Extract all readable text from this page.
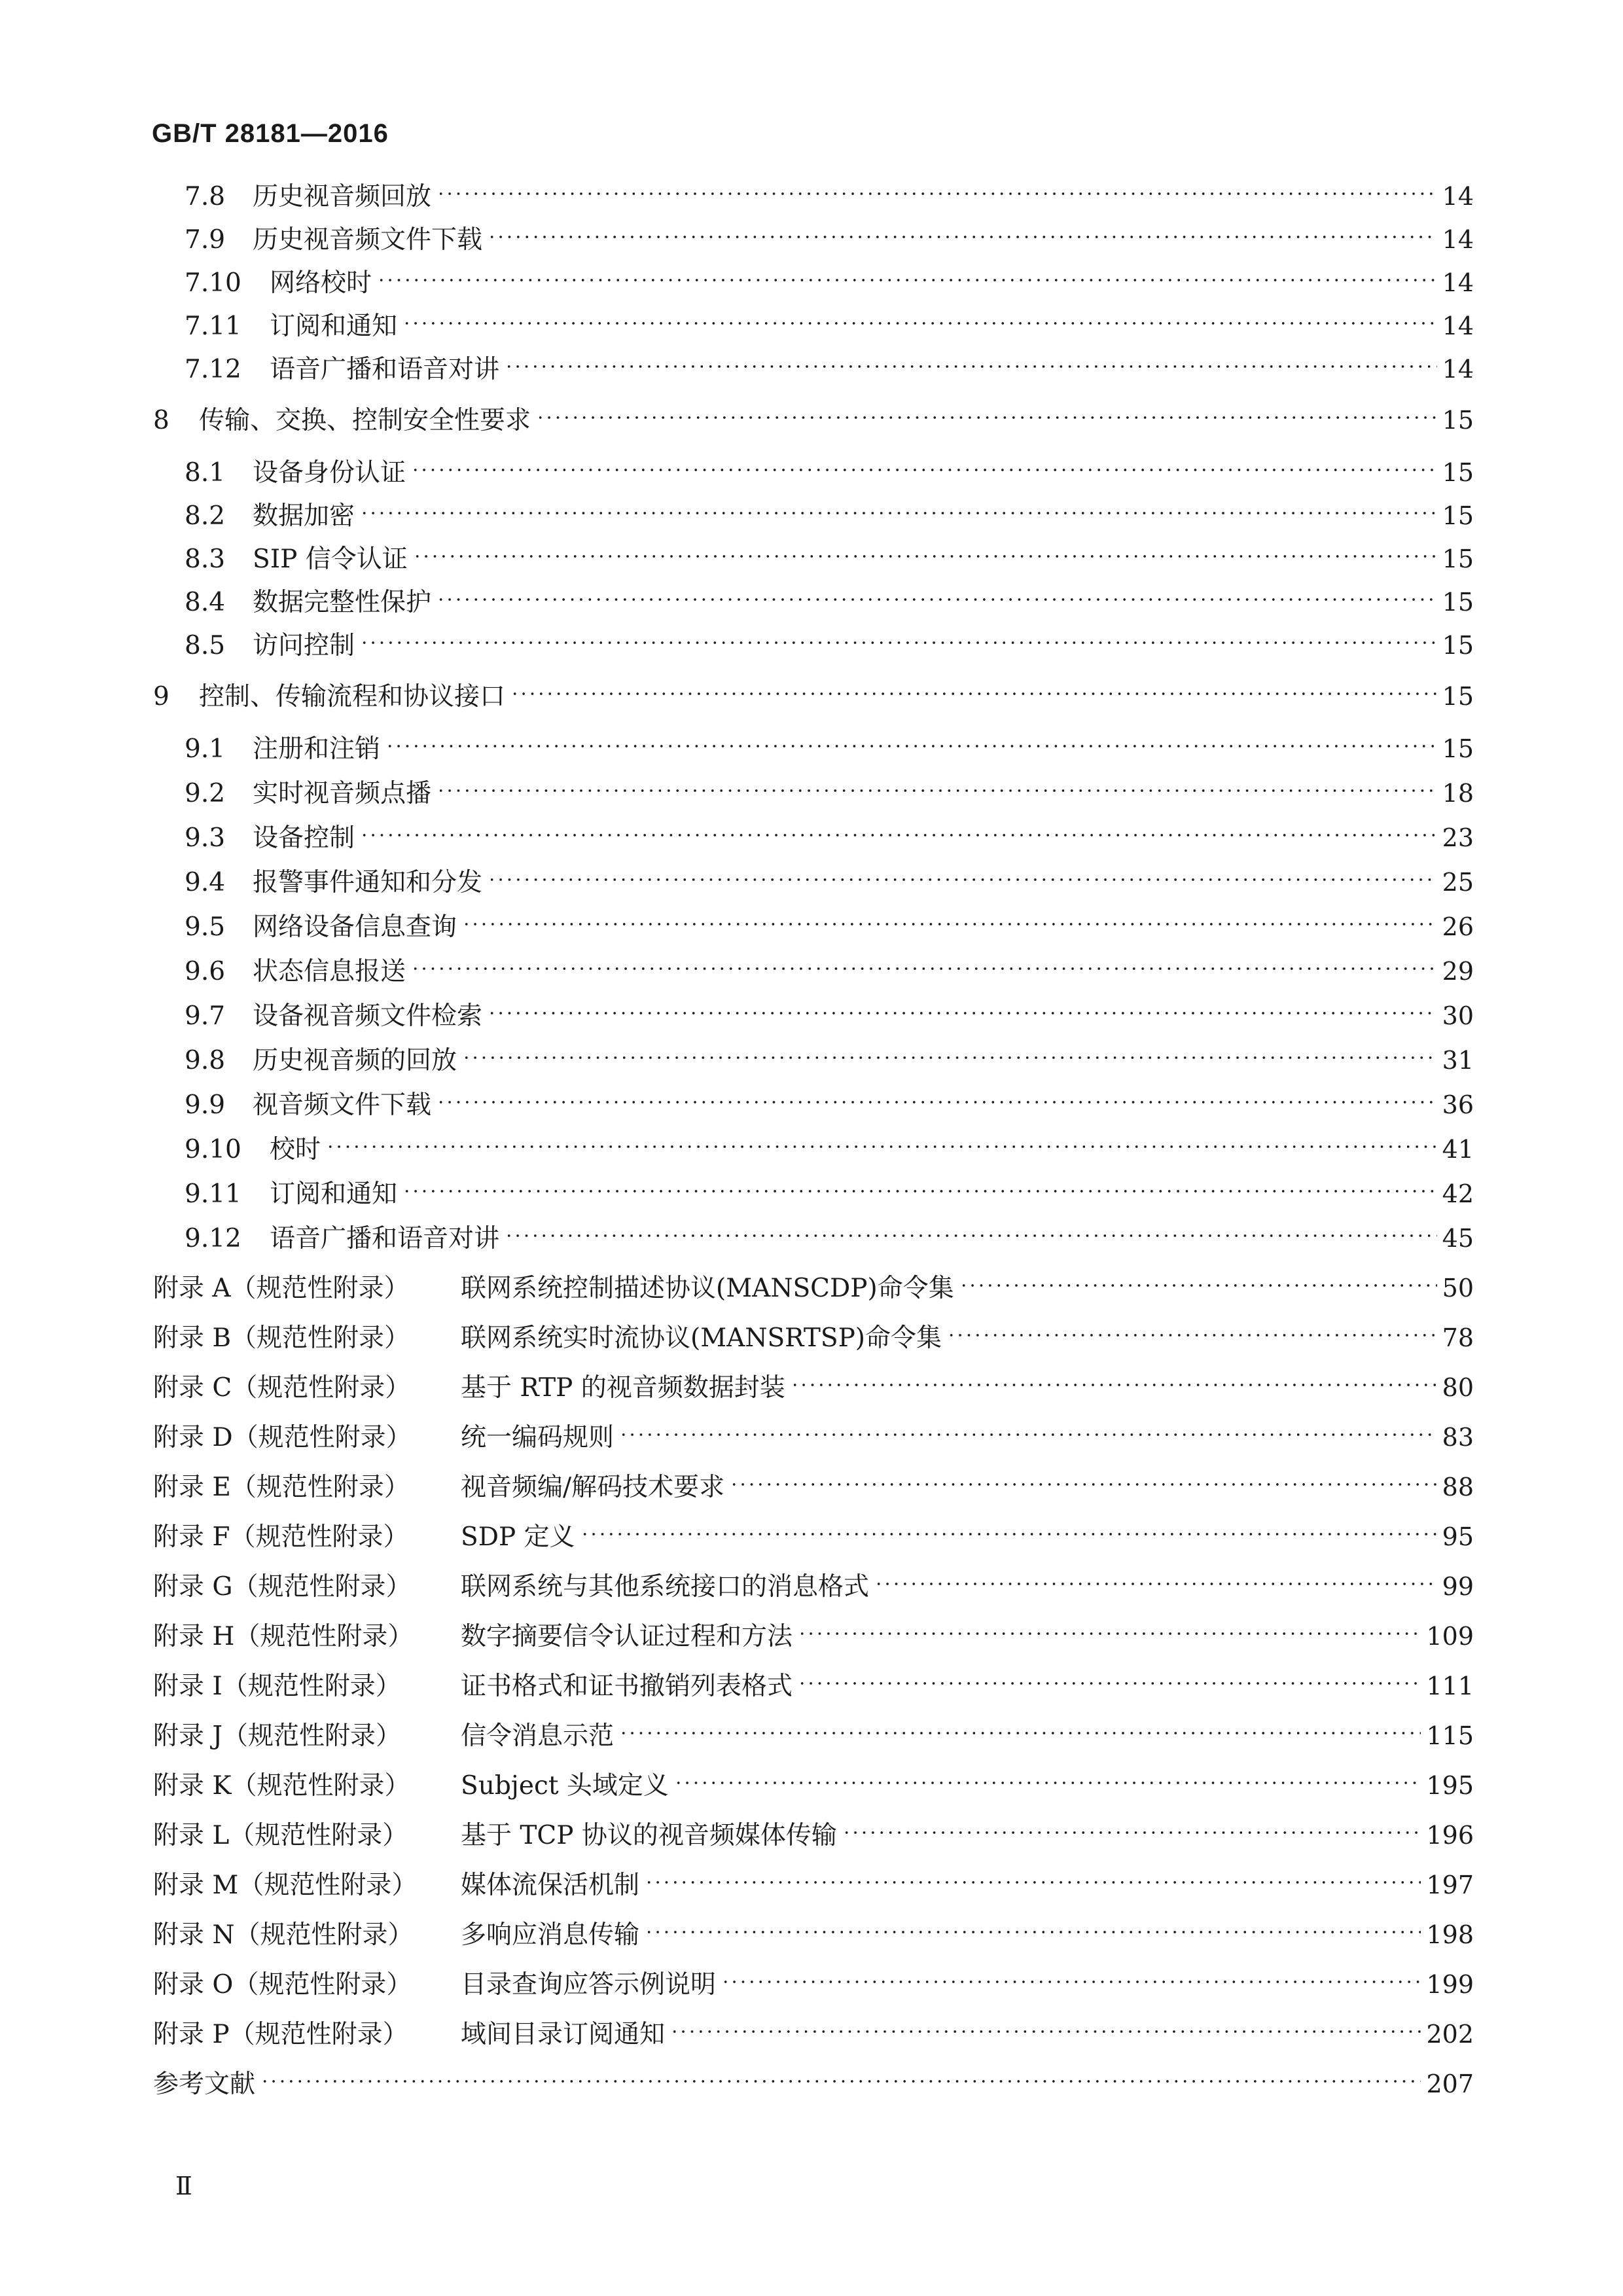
GB/T 28181—2016
7.8	历史视音频回放	14
7.9	历史视音频文件下载	14
7.10	网络校时	14
7.11	订阅和通知	14
7.12	语音广播和语音对讲	14
8	传输、交换、控制安全性要求	15
8.1	设备身份认证	15
8.2	数据加密	15
8.3	SIP 信令认证	15
8.4	数据完整性保护	15
8.5	访问控制	15
9	控制、传输流程和协议接口	15
9.1	注册和注销	15
9.2	实时视音频点播	18
9.3	设备控制	23
9.4	报警事件通知和分发	25
9.5	网络设备信息查询	26
9.6	状态信息报送	29
9.7	设备视音频文件检索	30
9.8	历史视音频的回放	31
9.9	视音频文件下载	36
9.10	校时	41
9.11	订阅和通知	42
9.12	语音广播和语音对讲	45
附录 A（规范性附录）	联网系统控制描述协议(MANSCDP)命令集	50
附录 B（规范性附录）	联网系统实时流协议(MANSRTSP)命令集	78
附录 C（规范性附录）	基于 RTP 的视音频数据封装	80
附录 D（规范性附录）	统一编码规则	83
附录 E（规范性附录）	视音频编/解码技术要求	88
附录 F（规范性附录）	SDP 定义	95
附录 G（规范性附录）	联网系统与其他系统接口的消息格式	99
附录 H（规范性附录）	数字摘要信令认证过程和方法	109
附录 I（规范性附录）	证书格式和证书撤销列表格式	111
附录 J（规范性附录）	信令消息示范	115
附录 K（规范性附录）	Subject 头域定义	195
附录 L（规范性附录）	基于 TCP 协议的视音频媒体传输	196
附录 M（规范性附录）	媒体流保活机制	197
附录 N（规范性附录）	多响应消息传输	198
附录 O（规范性附录）	目录查询应答示例说明	199
附录 P（规范性附录）	域间目录订阅通知	202
参考文献	207
Ⅱ
